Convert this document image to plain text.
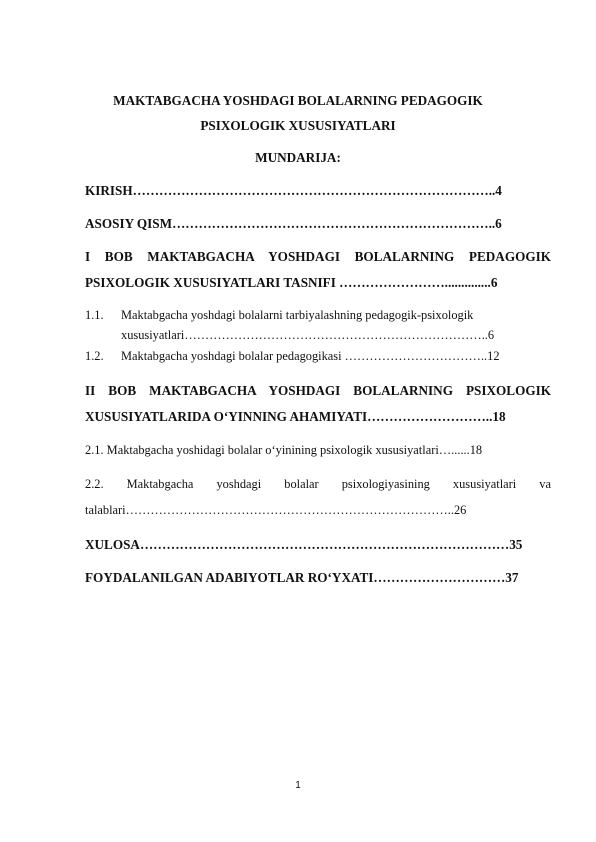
MAKTABGACHA YOSHDAGI BOLALARNING PEDAGOGIK
PSIXOLOGIK XUSUSIYATLARI
MUNDARIJA:
KIRISH………………………………………………………………………..4
ASOSIY QISM………………………………………………………………..6
I BOB MAKTABGACHA YOSHDAGI BOLALARNING PEDAGOGIK
PSIXOLOGIK XUSUSIYATLARI TASNIFI ……………………..............6
1.1. Maktabgacha yoshdagi bolalarni tarbiyalashning pedagogik-psixologik
xususiyatlari………………………………………………………………..6
1.2. Maktabgacha yoshdagi bolalar pedagogikasi ……………………………..12
II BOB MAKTABGACHA YOSHDAGI BOLALARNING PSIXOLOGIK
XUSUSIYATLARIDA O‘YINNING AHAMIYATI………………………..18
2.1. Maktabgacha yoshidagi bolalar o‘yinining psixologik xususiyatlari…......18
2.2. Maktabgacha yoshdagi bolalar psixologiyasining xususiyatlari va
talablari……………………………………………………………………..26
XULOSA…………………………………………………………………………35
FOYDALANILGAN ADABIYOTLAR RO‘YXATI…………………………37
1
